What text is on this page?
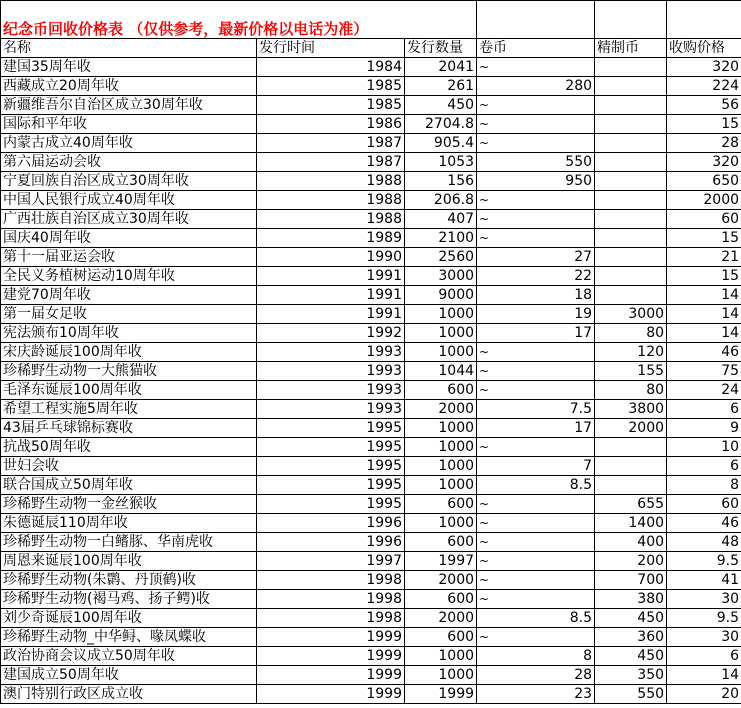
纪念币回收价格表 （仅供参考，最新价格以电话为准）					
名称	发行时间	发行数量	卷币	精制币	收购价格
建国35周年收	1984	2041	~		320
西藏成立20周年收	1985	261	280		224
新疆维吾尔自治区成立30周年收	1985	450	~		56
国际和平年收	1986	2704.8	~		15
内蒙古成立40周年收	1987	905.4	~		28
第六届运动会收	1987	1053	550		320
宁夏回族自治区成立30周年收	1988	156	950		650
中国人民银行成立40周年收	1988	206.8	~		2000
广西壮族自治区成立30周年收	1988	407	~		60
国庆40周年收	1989	2100	~		15
第十一届亚运会收	1990	2560	27		21
全民义务植树运动10周年收	1991	3000	22		15
建党70周年收	1991	9000	18		14
第一届女足收	1991	1000	19	3000	14
宪法颁布10周年收	1992	1000	17	80	14
宋庆龄诞辰100周年收	1993	1000	~	120	46
珍稀野生动物一大熊猫收	1993	1044	~	155	75
毛泽东诞辰100周年收	1993	600	~	80	24
希望工程实施5周年收	1993	2000	7.5	3800	6
43届乒乓球锦标赛收	1995	1000	17	2000	9
抗战50周年收	1995	1000	~		10
世妇会收	1995	1000	7		6
联合国成立50周年收	1995	1000	8.5		8
珍稀野生动物一金丝猴收	1995	600	~	655	60
朱德诞辰110周年收	1996	1000	~	1400	46
珍稀野生动物一白鳍豚、华南虎收	1996	600	~	400	48
周恩来诞辰100周年收	1997	1997	~	200	9.5
珍稀野生动物(朱鹮、丹顶鹤)收	1998	2000	~	700	41
珍稀野生动物(褐马鸡、扬子鳄)收	1998	600	~	380	30
刘少奇诞辰100周年收	1998	2000	8.5	450	9.5
珍稀野生动物_中华鲟、喙凤蝶收	1999	600	~	360	30
政治协商会议成立50周年收	1999	1000	8	450	6
建国成立50周年收	1999	1000	28	350	14
澳门特别行政区成立收	1999	1999	23	550	20
